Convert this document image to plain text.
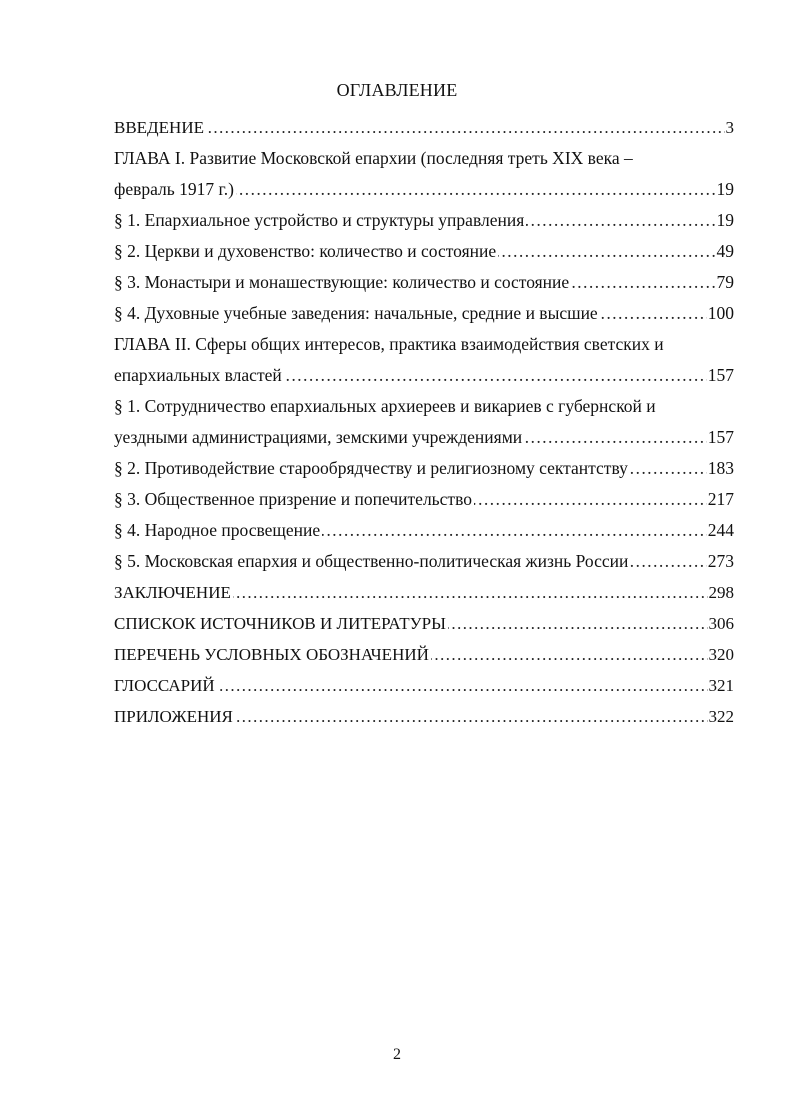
ОГЛАВЛЕНИЕ
ВВЕДЕНИЕ ……………………………………………………………………………………………………………………………………………………………………………………………………………………………………	3
ГЛАВА I. Развитие Московской епархии (последняя треть XIX века –
февраль 1917 г.) ……………………………………………………………………………………………………………………………………………………………………………………………………………………………………	19
§ 1. Епархиальное устройство и структуры управления ……………………………………………………………………………………………………………………………………………………………………………………………………………………………………	19
§ 2. Церкви и духовенство: количество и состояние ……………………………………………………………………………………………………………………………………………………………………………………………………………………………………	49
§ 3. Монастыри и монашествующие: количество и состояние ……………………………………………………………………………………………………………………………………………………………………………………………………………………………………	79
§ 4. Духовные учебные заведения: начальные, средние и высшие ……………………………………………………………………………………………………………………………………………………………………………………………………………………………………	100
ГЛАВА II. Сферы общих интересов, практика взаимодействия светских и
епархиальных властей ……………………………………………………………………………………………………………………………………………………………………………………………………………………………………	157
§ 1. Сотрудничество епархиальных архиереев и викариев с губернской и
уездными администрациями, земскими учреждениями ……………………………………………………………………………………………………………………………………………………………………………………………………………………………………	157
§ 2. Противодействие старообрядчеству и религиозному сектантству ……………………………………………………………………………………………………………………………………………………………………………………………………………………………………	183
§ 3. Общественное призрение и попечительство ……………………………………………………………………………………………………………………………………………………………………………………………………………………………………	217
§ 4. Народное просвещение ……………………………………………………………………………………………………………………………………………………………………………………………………………………………………	244
§ 5. Московская епархия и общественно-политическая жизнь России ……………………………………………………………………………………………………………………………………………………………………………………………………………………………………	273
ЗАКЛЮЧЕНИЕ ……………………………………………………………………………………………………………………………………………………………………………………………………………………………………	298
СПИСКОК ИСТОЧНИКОВ И ЛИТЕРАТУРЫ ……………………………………………………………………………………………………………………………………………………………………………………………………………………………………	306
ПЕРЕЧЕНЬ УСЛОВНЫХ ОБОЗНАЧЕНИЙ ……………………………………………………………………………………………………………………………………………………………………………………………………………………………………	320
ГЛОССАРИЙ ……………………………………………………………………………………………………………………………………………………………………………………………………………………………………	321
ПРИЛОЖЕНИЯ ……………………………………………………………………………………………………………………………………………………………………………………………………………………………………	322
2
